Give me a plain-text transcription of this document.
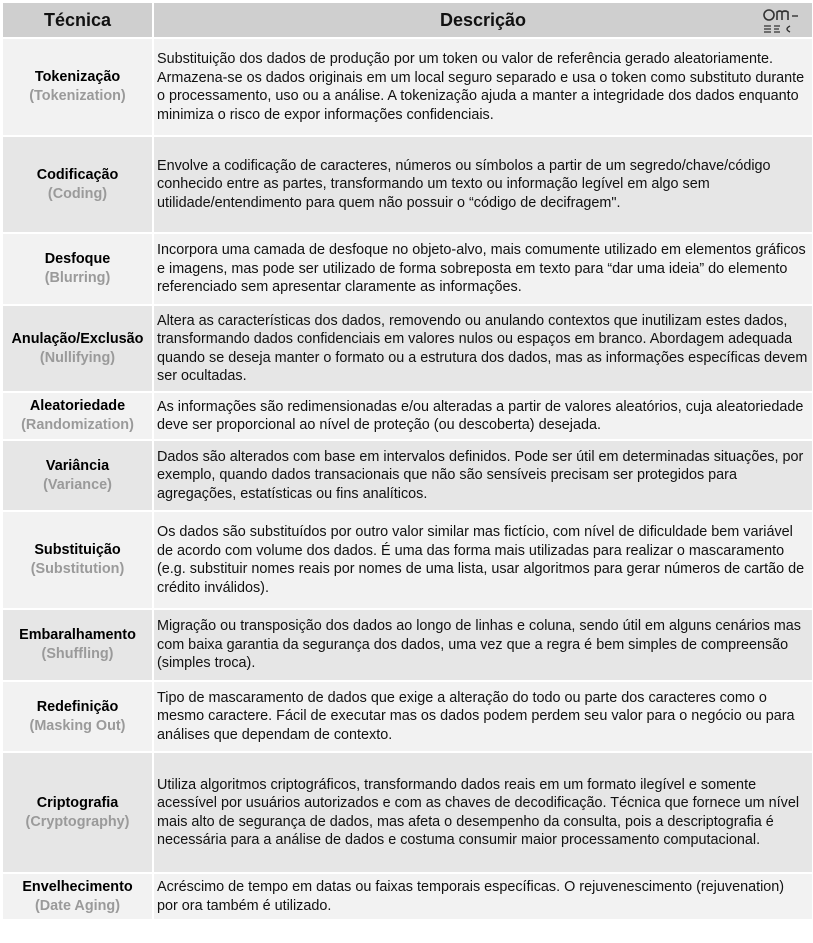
Técnica	Descrição

Tokenização
(Tokenization)	Substituição dos dados de produção por um token ou valor de referência gerado aleatoriamente. Armazena-se os dados originais em um local seguro separado e usa o token como substituto durante o processamento, uso ou a análise. A tokenização ajuda a manter a integridade dos dados enquanto minimiza o risco de expor informações confidenciais.

Codificação
(Coding)	Envolve a codificação de caracteres, números ou símbolos a partir de um segredo/chave/código conhecido entre as partes, transformando um texto ou informação legível em algo sem utilidade/entendimento para quem não possuir o “código de decifragem".

Desfoque
(Blurring)	Incorpora uma camada de desfoque no objeto-alvo, mais comumente utilizado em elementos gráficos e imagens, mas pode ser utilizado de forma sobreposta em texto para “dar uma ideia” do elemento referenciado sem apresentar claramente as informações.

Anulação/Exclusão
(Nullifying)	Altera as características dos dados, removendo ou anulando contextos que inutilizam estes dados, transformando dados confidenciais em valores nulos ou espaços em branco. Abordagem adequada quando se deseja manter o formato ou a estrutura dos dados, mas as informações específicas devem ser ocultadas.

Aleatoriedade
(Randomization)	As informações são redimensionadas e/ou alteradas a partir de valores aleatórios, cuja aleatoriedade deve ser proporcional ao nível de proteção (ou descoberta) desejada.

Variância
(Variance)	Dados são alterados com base em intervalos definidos. Pode ser útil em determinadas situações, por exemplo, quando dados transacionais que não são sensíveis precisam ser protegidos para agregações, estatísticas ou fins analíticos.

Substituição
(Substitution)	Os dados são substituídos por outro valor similar mas fictício, com nível de dificuldade bem variável de acordo com volume dos dados. É uma das forma mais utilizadas para realizar o mascaramento (e.g. substituir nomes reais por nomes de uma lista, usar algoritmos para gerar números de cartão de crédito inválidos).

Embaralhamento
(Shuffling)	Migração ou transposição dos dados ao longo de linhas e coluna, sendo útil em alguns cenários mas com baixa garantia da segurança dos dados, uma vez que a regra é bem simples de compreensão (simples troca).

Redefinição
(Masking Out)	Tipo de mascaramento de dados que exige a alteração do todo ou parte dos caracteres como o mesmo caractere. Fácil de executar mas os dados podem perdem seu valor para o negócio ou para análises que dependam de contexto.

Criptografia
(Cryptography)	Utiliza algoritmos criptográficos, transformando dados reais em um formato ilegível e somente acessível por usuários autorizados e com as chaves de decodificação. Técnica que fornece um nível mais alto de segurança de dados, mas afeta o desempenho da consulta, pois a descriptografia é necessária para a análise de dados e costuma consumir maior processamento computacional.

Envelhecimento
(Date Aging)	Acréscimo de tempo em datas ou faixas temporais específicas. O rejuvenescimento (rejuvenation) por ora também é utilizado.
